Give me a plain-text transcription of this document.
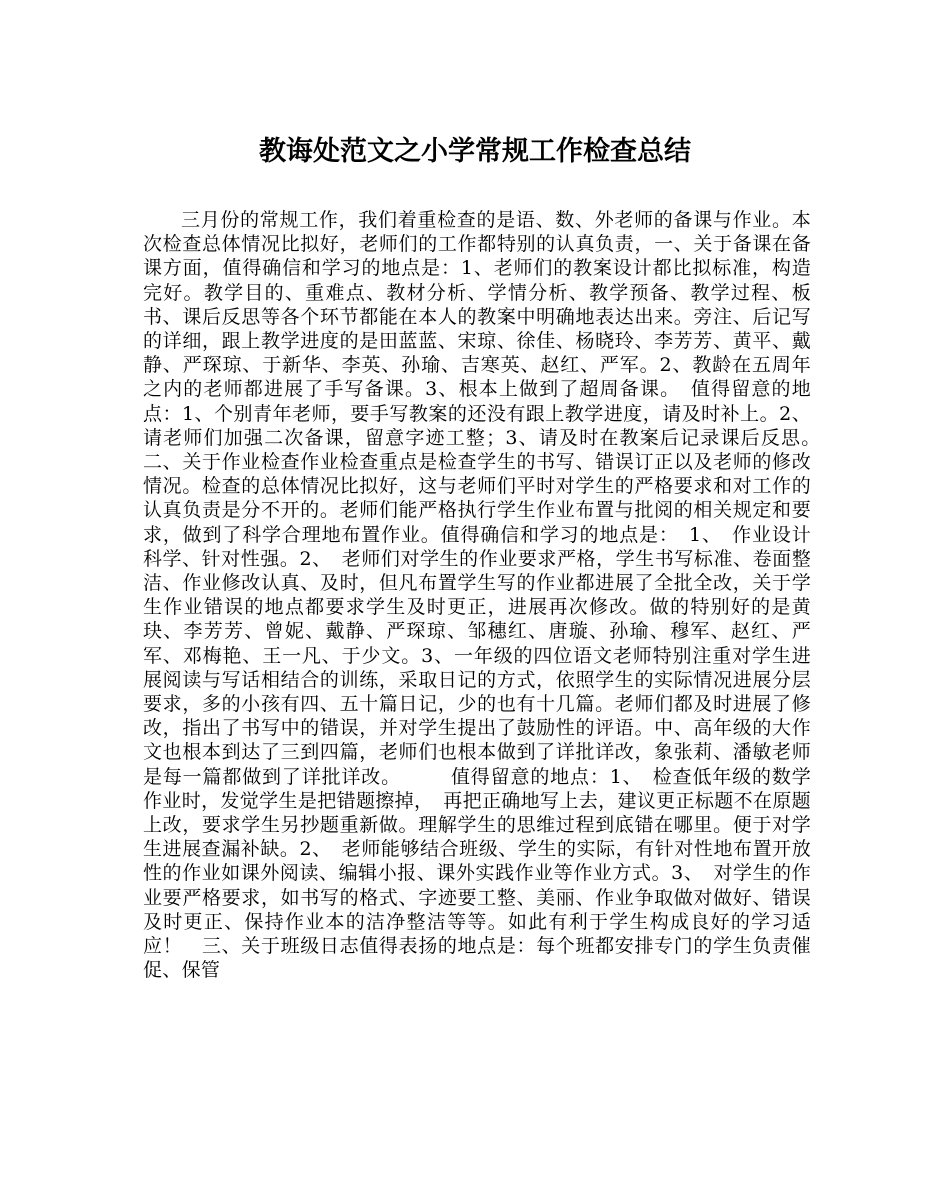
教诲处范文之小学常规工作检查总结

三月份的常规工作，我们着重检查的是语、数、外老师的备课与作业。本次检查总体情况比拟好，老师们的工作都特别的认真负责，一、关于备课在备课方面，值得确信和学习的地点是：1、老师们的教案设计都比拟标准，构造完好。教学目的、重难点、教材分析、学情分析、教学预备、教学过程、板书、课后反思等各个环节都能在本人的教案中明确地表达出来。旁注、后记写的详细，跟上教学进度的是田蓝蓝、宋琼、徐佳、杨晓玲、李芳芳、黄平、戴静、严琛琼、于新华、李英、孙瑜、吉寒英、赵红、严军。2、教龄在五周年之内的老师都进展了手写备课。3、根本上做到了超周备课。　值得留意的地点：1、个别青年老师，要手写教案的还没有跟上教学进度，请及时补上。2、请老师们加强二次备课，留意字迹工整；3、请及时在教案后记录课后反思。　二、关于作业检查作业检查重点是检查学生的书写、错误订正以及老师的修改情况。检查的总体情况比拟好，这与老师们平时对学生的严格要求和对工作的认真负责是分不开的。老师们能严格执行学生作业布置与批阅的相关规定和要求，做到了科学合理地布置作业。值得确信和学习的地点是：　1、　作业设计科学、针对性强。2、　老师们对学生的作业要求严格，学生书写标准、卷面整洁、作业修改认真、及时，但凡布置学生写的作业都进展了全批全改，关于学生作业错误的地点都要求学生及时更正，进展再次修改。做的特别好的是黄玦、李芳芳、曾妮、戴静、严琛琼、邹穗红、唐璇、孙瑜、穆军、赵红、严军、邓梅艳、王一凡、于少文。3、一年级的四位语文老师特别注重对学生进展阅读与写话相结合的训练，采取日记的方式，依照学生的实际情况进展分层要求，多的小孩有四、五十篇日记，少的也有十几篇。老师们都及时进展了修改，指出了书写中的错误，并对学生提出了鼓励性的评语。中、高年级的大作文也根本到达了三到四篇，老师们也根本做到了详批详改，象张莉、潘敏老师是每一篇都做到了详批详改。　　　值得留意的地点：1、　检查低年级的数学作业时，发觉学生是把错题擦掉，　再把正确地写上去，建议更正标题不在原题上改，要求学生另抄题重新做。理解学生的思维过程到底错在哪里。便于对学生进展查漏补缺。2、　老师能够结合班级、学生的实际，有针对性地布置开放性的作业如课外阅读、编辑小报、课外实践作业等作业方式。3、　对学生的作业要严格要求，如书写的格式、字迹要工整、美丽、作业争取做对做好、错误及时更正、保持作业本的洁净整洁等等。如此有利于学生构成良好的学习适应！　三、关于班级日志值得表扬的地点是：每个班都安排专门的学生负责催促、保管
